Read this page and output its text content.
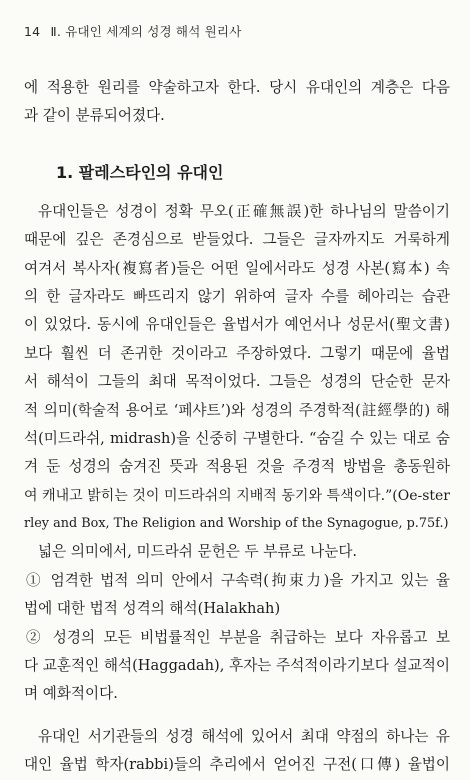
14 Ⅱ. 유대인 세계의 성경 해석 원리사
에 적용한 원리를 약술하고자 한다. 당시 유대인의 계층은 다음
과 같이 분류되어졌다.
1. 팔레스타인의 유대인
유대인들은 성경이 정확 무오(正確無誤)한 하나님의 말씀이기
때문에 깊은 존경심으로 받들었다. 그들은 글자까지도 거룩하게
여겨서 복사자(複寫者)들은 어떤 일에서라도 성경 사본(寫本) 속
의 한 글자라도 빠뜨리지 않기 위하여 글자 수를 헤아리는 습관
이 있었다. 동시에 유대인들은 율법서가 예언서나 성문서(聖文書)
보다 훨씬 더 존귀한 것이라고 주장하였다. 그렇기 때문에 율법
서 해석이 그들의 최대 목적이었다. 그들은 성경의 단순한 문자
적 의미(학술적 용어로 ‘페샤트’)와 성경의 주경학적(註經學的) 해
석(미드라쉬, midrash)을 신중히 구별한다. “숨길 수 있는 대로 숨
겨 둔 성경의 숨겨진 뜻과 적용된 것을 주경적 방법을 총동원하
여 캐내고 밝히는 것이 미드라쉬의 지배적 동기와 특색이다.”(Oe-ster
rley and Box, The Religion and Worship of the Synagogue, p.75f.)
넓은 의미에서, 미드라쉬 문헌은 두 부류로 나눈다.
① 엄격한 법적 의미 안에서 구속력(拘束力)을 가지고 있는 율
법에 대한 법적 성격의 해석(Halakhah)
② 성경의 모든 비법률적인 부분을 취급하는 보다 자유롭고 보
다 교훈적인 해석(Haggadah), 후자는 주석적이라기보다 설교적이
며 예화적이다.
유대인 서기관들의 성경 해석에 있어서 최대 약점의 하나는 유
대인 율법 학자(rabbi)들의 추리에서 얻어진 구전(口傳) 율법이
